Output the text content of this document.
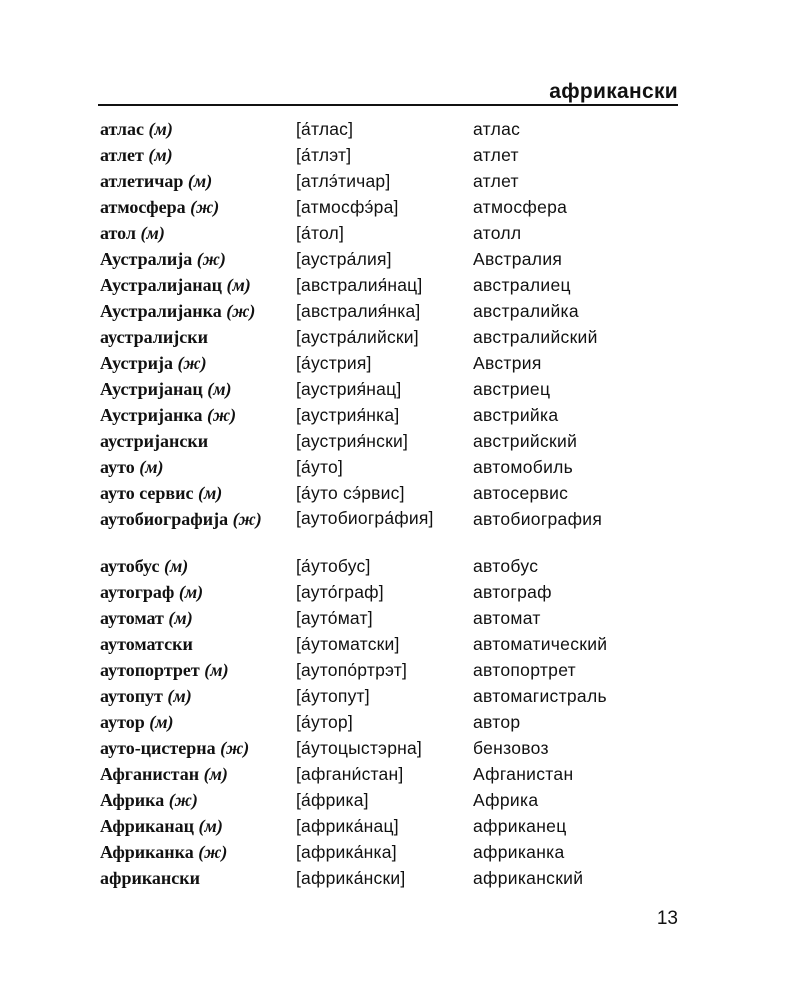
африкански
атлас (м)	[а́тлас]	атлас
атлет (м)	[а́тлэт]	атлет
атлетичар (м)	[атлэ́тичар]	атлет
атмосфера (ж)	[атмосфэ́ра]	атмосфера
атол (м)	[а́тол]	атолл
Аустралија (ж)	[аустра́лия]	Австралия
Аустралијанац (м)	[австралия́нац]	австралиец
Аустралијанка (ж) [австралия́нка]	австралийка
аустралијски	[аустра́лийски]	австралийский
Аустрија (ж)	[а́устрия]	Австрия
Аустријанац (м)	[аустрия́нац]	австриец
Аустријанка (ж)	[аустрия́нка]	австрийка
аустријански	[аустрия́нски]	австрийский
ауто (м)	[а́уто]	автомобиль
ауто сервис (м)	[а́уто сэ́рвис]	автосервис
аутобиографија (ж) [аутобиогра́фия]	автобиография
аутобус (м)	[а́утобус]	автобус
аутограф (м)	[ауто́граф]	автограф
аутомат (м)	[ауто́мат]	автомат
аутоматски	[а́утоматски]	автоматический
аутопортрет (м)	[аутопо́ртрэт]	автопортрет
аутопут (м)	[а́утопут]	автомагистраль
аутор (м)	[а́утор]	автор
ауто-цистерна (ж)	[а́утоцыстэрна]	бензовоз
Афганистан (м)	[афгани́стан]	Афганистан
Африка (ж)	[а́фрика]	Африка
Африканац (м)	[африка́нац]	африканец
Африканка (ж)	[африка́нка]	африканка
африкански	[африка́нски]	африканский
13
